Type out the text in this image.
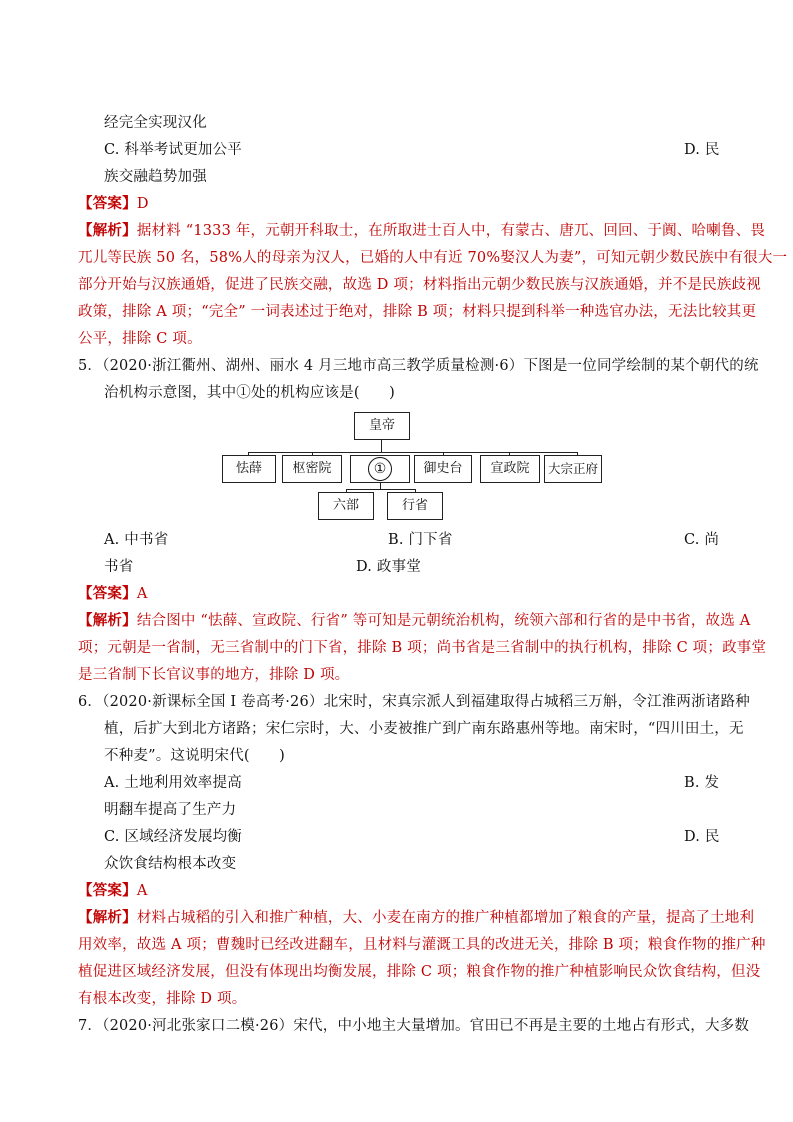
经完全实现汉化
C. 科举考试更加公平	D. 民
族交融趋势加强
【答案】D
【解析】据材料 “1333 年，元朝开科取士，在所取进士百人中，有蒙古、唐兀、回回、于阗、哈喇鲁、畏
兀儿等民族 50 名，58%人的母亲为汉人，已婚的人中有近 70%娶汉人为妻”，可知元朝少数民族中有很大一
部分开始与汉族通婚，促进了民族交融，故选 D 项；材料指出元朝少数民族与汉族通婚，并不是民族歧视
政策，排除 A 项；“完全” 一词表述过于绝对，排除 B 项；材料只提到科举一种选官办法，无法比较其更
公平，排除 C 项。
5．（2020·浙江衢州、湖州、丽水 4 月三地市高三教学质量检测·6）下图是一位同学绘制的某个朝代的统
治机构示意图，其中①处的机构应该是(　　)
皇帝
怯薛	枢密院	①	御史台	宣政院	大宗正府
六部	行省
A. 中书省	B. 门下省	C. 尚
书省	D. 政事堂
【答案】A
【解析】结合图中 “怯薛、宣政院、行省” 等可知是元朝统治机构，统领六部和行省的是中书省，故选 A
项；元朝是一省制，无三省制中的门下省，排除 B 项；尚书省是三省制中的执行机构，排除 C 项；政事堂
是三省制下长官议事的地方，排除 D 项。
6．（2020·新课标全国 I 卷高考·26）北宋时，宋真宗派人到福建取得占城稻三万斛，令江淮两浙诸路种
植，后扩大到北方诸路；宋仁宗时，大、小麦被推广到广南东路惠州等地。南宋时，“四川田土，无
不种麦”。这说明宋代(　　)
A. 土地利用效率提高	B. 发
明翻车提高了生产力
C. 区域经济发展均衡	D. 民
众饮食结构根本改变
【答案】A
【解析】材料占城稻的引入和推广种植，大、小麦在南方的推广种植都增加了粮食的产量，提高了土地利
用效率，故选 A 项；曹魏时已经改进翻车，且材料与灌溉工具的改进无关，排除 B 项；粮食作物的推广种
植促进区域经济发展，但没有体现出均衡发展，排除 C 项；粮食作物的推广种植影响民众饮食结构，但没
有根本改变，排除 D 项。
7．（2020·河北张家口二模·26）宋代，中小地主大量增加。官田已不再是主要的土地占有形式，大多数
